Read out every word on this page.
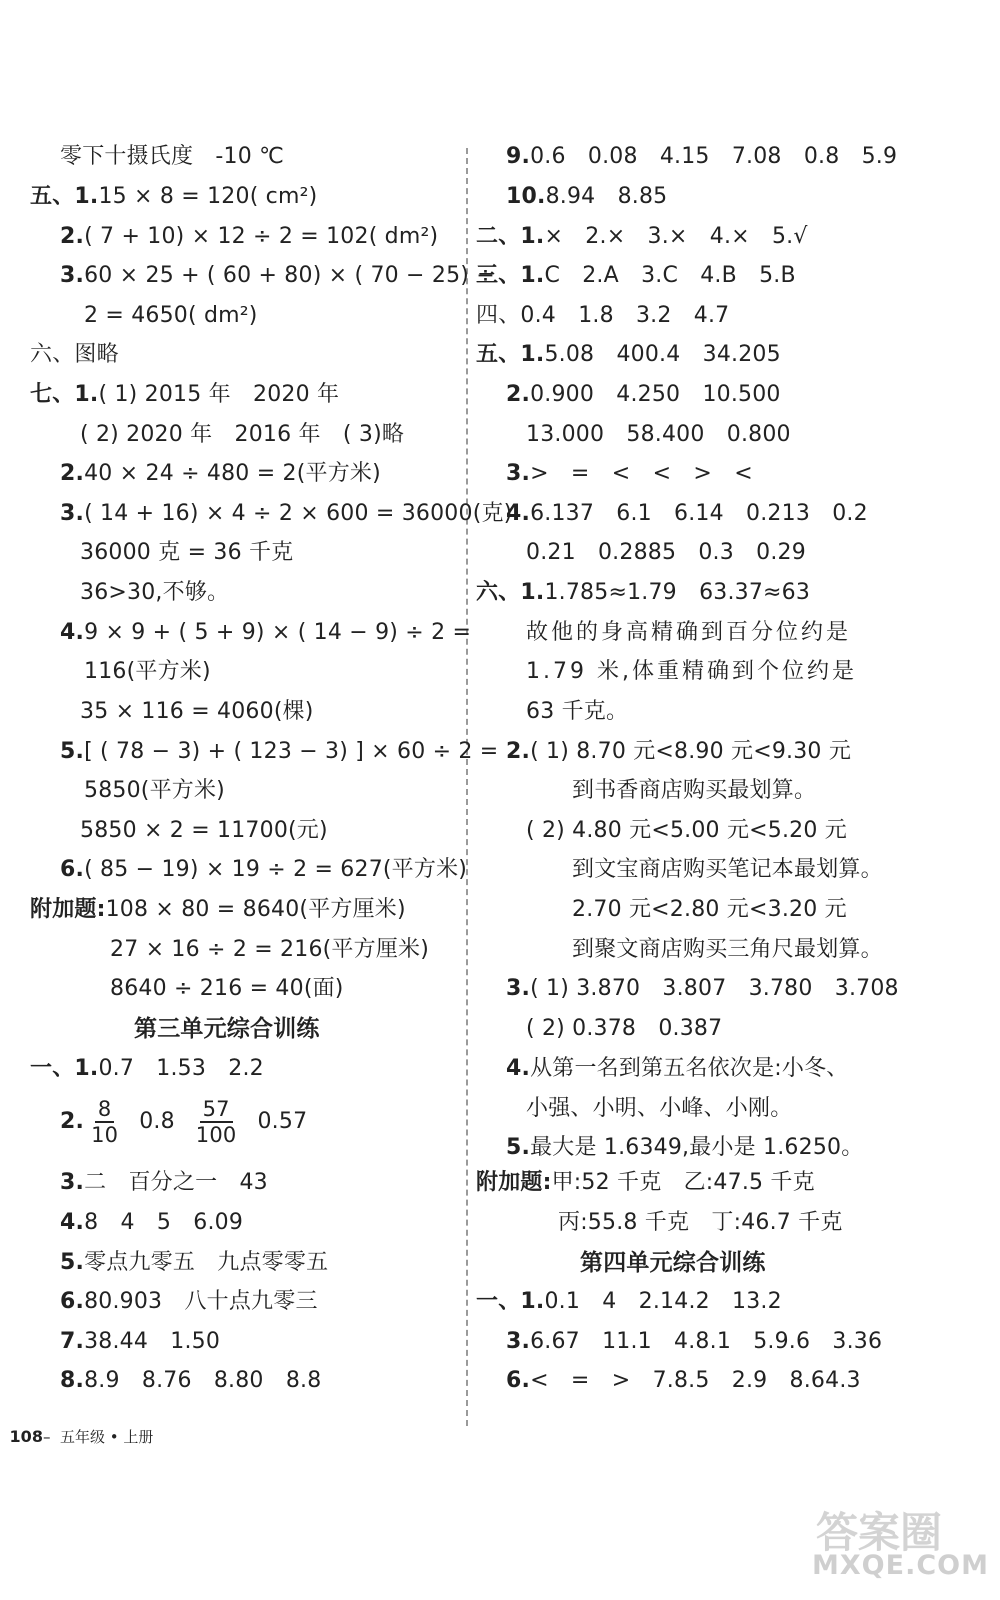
零下十摄氏度　-10 ℃
五、1.15 × 8 = 120( cm²)
2.( 7 + 10) × 12 ÷ 2 = 102( dm²)
3.60 × 25 + ( 60 + 80) × ( 70 − 25) ÷
2 = 4650( dm²)
六、图略
七、1.( 1) 2015 年　2020 年
( 2) 2020 年　2016 年　( 3)略
2.40 × 24 ÷ 480 = 2(平方米)
3.( 14 + 16) × 4 ÷ 2 × 600 = 36000(克)
36000 克 = 36 千克
36>30,不够。
4.9 × 9 + ( 5 + 9) × ( 14 − 9) ÷ 2 =
116(平方米)
35 × 116 = 4060(棵)
5.[ ( 78 − 3) + ( 123 − 3) ] × 60 ÷ 2 =
5850(平方米)
5850 × 2 = 11700(元)
6.( 85 − 19) × 19 ÷ 2 = 627(平方米)
附加题:108 × 80 = 8640(平方厘米)
27 × 16 ÷ 2 = 216(平方厘米)
8640 ÷ 216 = 40(面)
第三单元综合训练
一、1.0.7　1.53　2.2
2. $\frac{8}{10} 0.8 \frac{57}{100} 0.57$
3.二　百分之一　43
4.8　4　5　6.09
5.零点九零五　九点零零五
6.80.903　八十点九零三
7.38.44　1.50
8.8.9　8.76　8.80　8.8
9.0.6　0.08　4.15　7.08　0.8　5.9
10.8.94　8.85
二、1.×　2.×　3.×　4.×　5.√
三、1.C　2.A　3.C　4.B　5.B
四、0.4　1.8　3.2　4.7
五、1.5.08　400.4　34.205
2.0.900　4.250　10.500
13.000　58.400　0.800
3.>　=　<　<　>　<
4.6.137　6.1　6.14　0.213　0.2
0.21　0.2885　0.3　0.29
六、1.1.785≈1.79　63.37≈63
故他的身高精确到百分位约是
1.79 米,体重精确到个位约是
63 千克。
2.( 1) 8.70 元<8.90 元<9.30 元
到书香商店购买最划算。
( 2) 4.80 元<5.00 元<5.20 元
到文宝商店购买笔记本最划算。
2.70 元<2.80 元<3.20 元
到聚文商店购买三角尺最划算。
3.( 1) 3.870　3.807　3.780　3.708
( 2) 0.378　0.387
4.从第一名到第五名依次是:小冬、
小强、小明、小峰、小刚。
5.最大是 1.6349,最小是 1.6250。
附加题:甲:52 千克　乙:47.5 千克
丙:55.8 千克　丁:46.7 千克
第四单元综合训练
一、1.0.1　4　2.14.2　13.2
3.6.67　11.1　4.8.1　5.9.6　3.36
6.<　=　>　7.8.5　2.9　8.64.3

108– 五年级 • 上册

答案圈
MXQE.COM
